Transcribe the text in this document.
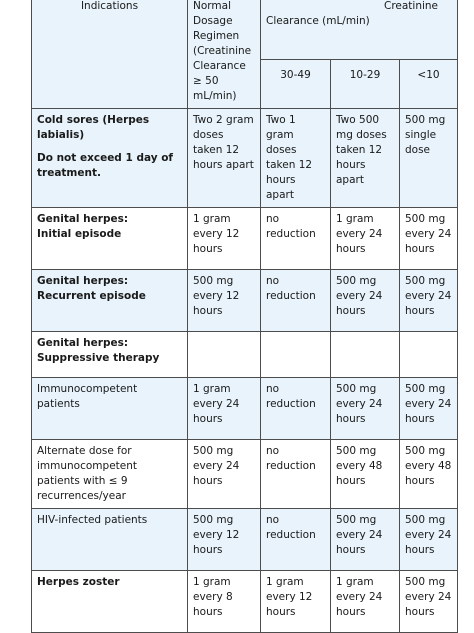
Indications	Normal Dosage Regimen (Creatinine Clearance ≥ 50 mL/min)	Creatinine
Clearance (mL/min)		

		30-49	10-29	<10
Cold sores (Herpes labialis)
Do not exceed 1 day of treatment.	Two 2 gram doses taken 12 hours apart	Two 1 gram doses taken 12 hours apart	Two 500 mg doses taken 12 hours apart	500 mg single dose
Genital herpes:
Initial episode	1 gram every 12 hours	no reduction	1 gram every 24 hours	500 mg every 24 hours
Genital herpes:
Recurrent episode	500 mg every 12 hours	no reduction	500 mg every 24 hours	500 mg every 24 hours
Genital herpes:
Suppressive therapy				
Immunocompetent patients	1 gram every 24 hours	no reduction	500 mg every 24 hours	500 mg every 24 hours
Alternate dose for immunocompetent patients with ≤ 9 recurrences/year	500 mg every 24 hours	no reduction	500 mg every 48 hours	500 mg every 48 hours
HIV-infected patients	500 mg every 12 hours	no reduction	500 mg every 24 hours	500 mg every 24 hours
Herpes zoster	1 gram every 8 hours	1 gram every 12 hours	1 gram every 24 hours	500 mg every 24 hours
